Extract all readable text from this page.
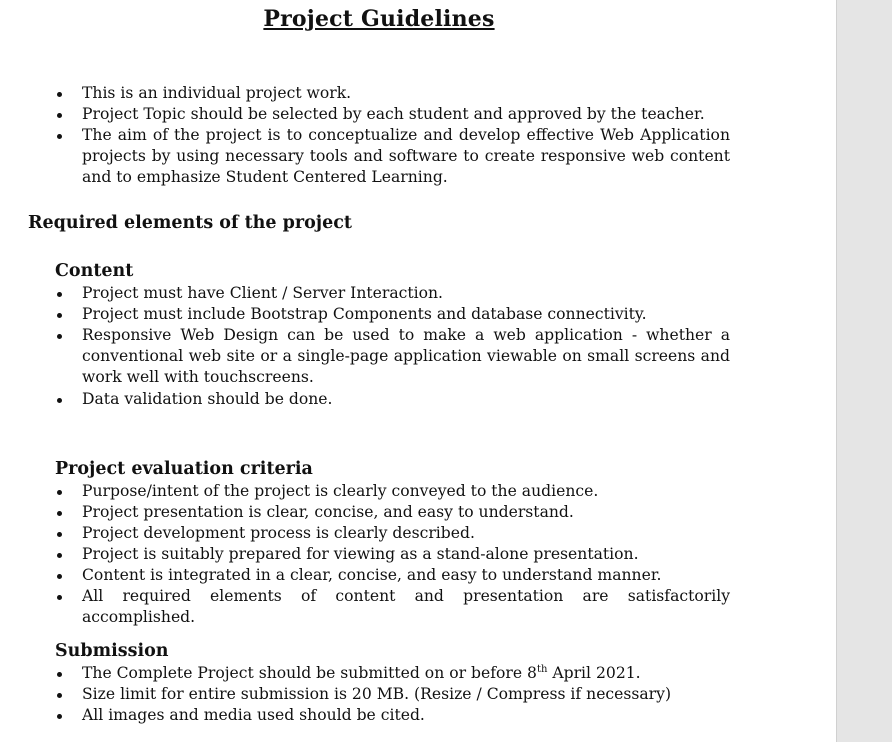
Project Guidelines
This is an individual project work.
Project Topic should be selected by each student and approved by the teacher.
The aim of the project is to conceptualize and develop effective Web Application projects by using necessary tools and software to create responsive web content and to emphasize Student Centered Learning.
Required elements of the project
Content
Project must have Client / Server Interaction.
Project must include Bootstrap Components and database connectivity.
Responsive Web Design can be used to make a web application - whether a conventional web site or a single-page application viewable on small screens and work well with touchscreens.
Data validation should be done.
Project evaluation criteria
Purpose/intent of the project is clearly conveyed to the audience.
Project presentation is clear, concise, and easy to understand.
Project development process is clearly described.
Project is suitably prepared for viewing as a stand-alone presentation.
Content is integrated in a clear, concise, and easy to understand manner.
All required elements of content and presentation are satisfactorily accomplished.
Submission
The Complete Project should be submitted on or before 8th April 2021.
Size limit for entire submission is 20 MB. (Resize / Compress if necessary)
All images and media used should be cited.
